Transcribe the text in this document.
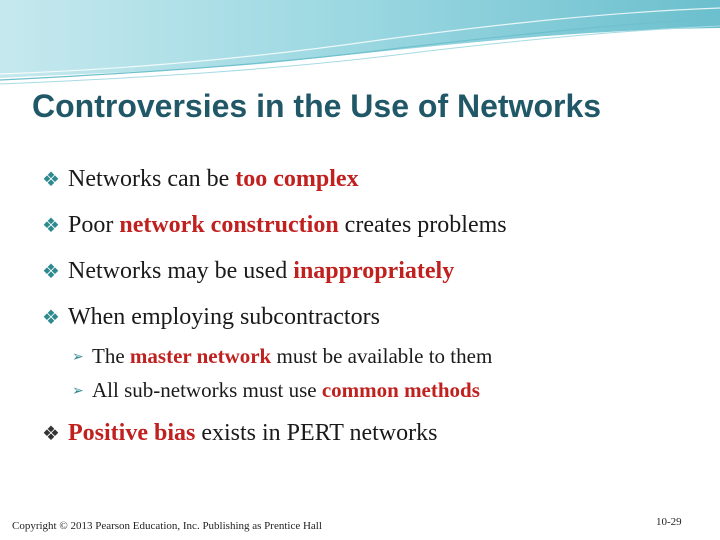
Controversies in the Use of Networks
❖ Networks can be too complex
❖ Poor network construction creates problems
❖ Networks may be used inappropriately
❖ When employing subcontractors
➢ The master network must be available to them
➢ All sub-networks must use common methods
❖ Positive bias exists in PERT networks
Copyright © 2013 Pearson Education, Inc. Publishing as Prentice Hall	10-29
